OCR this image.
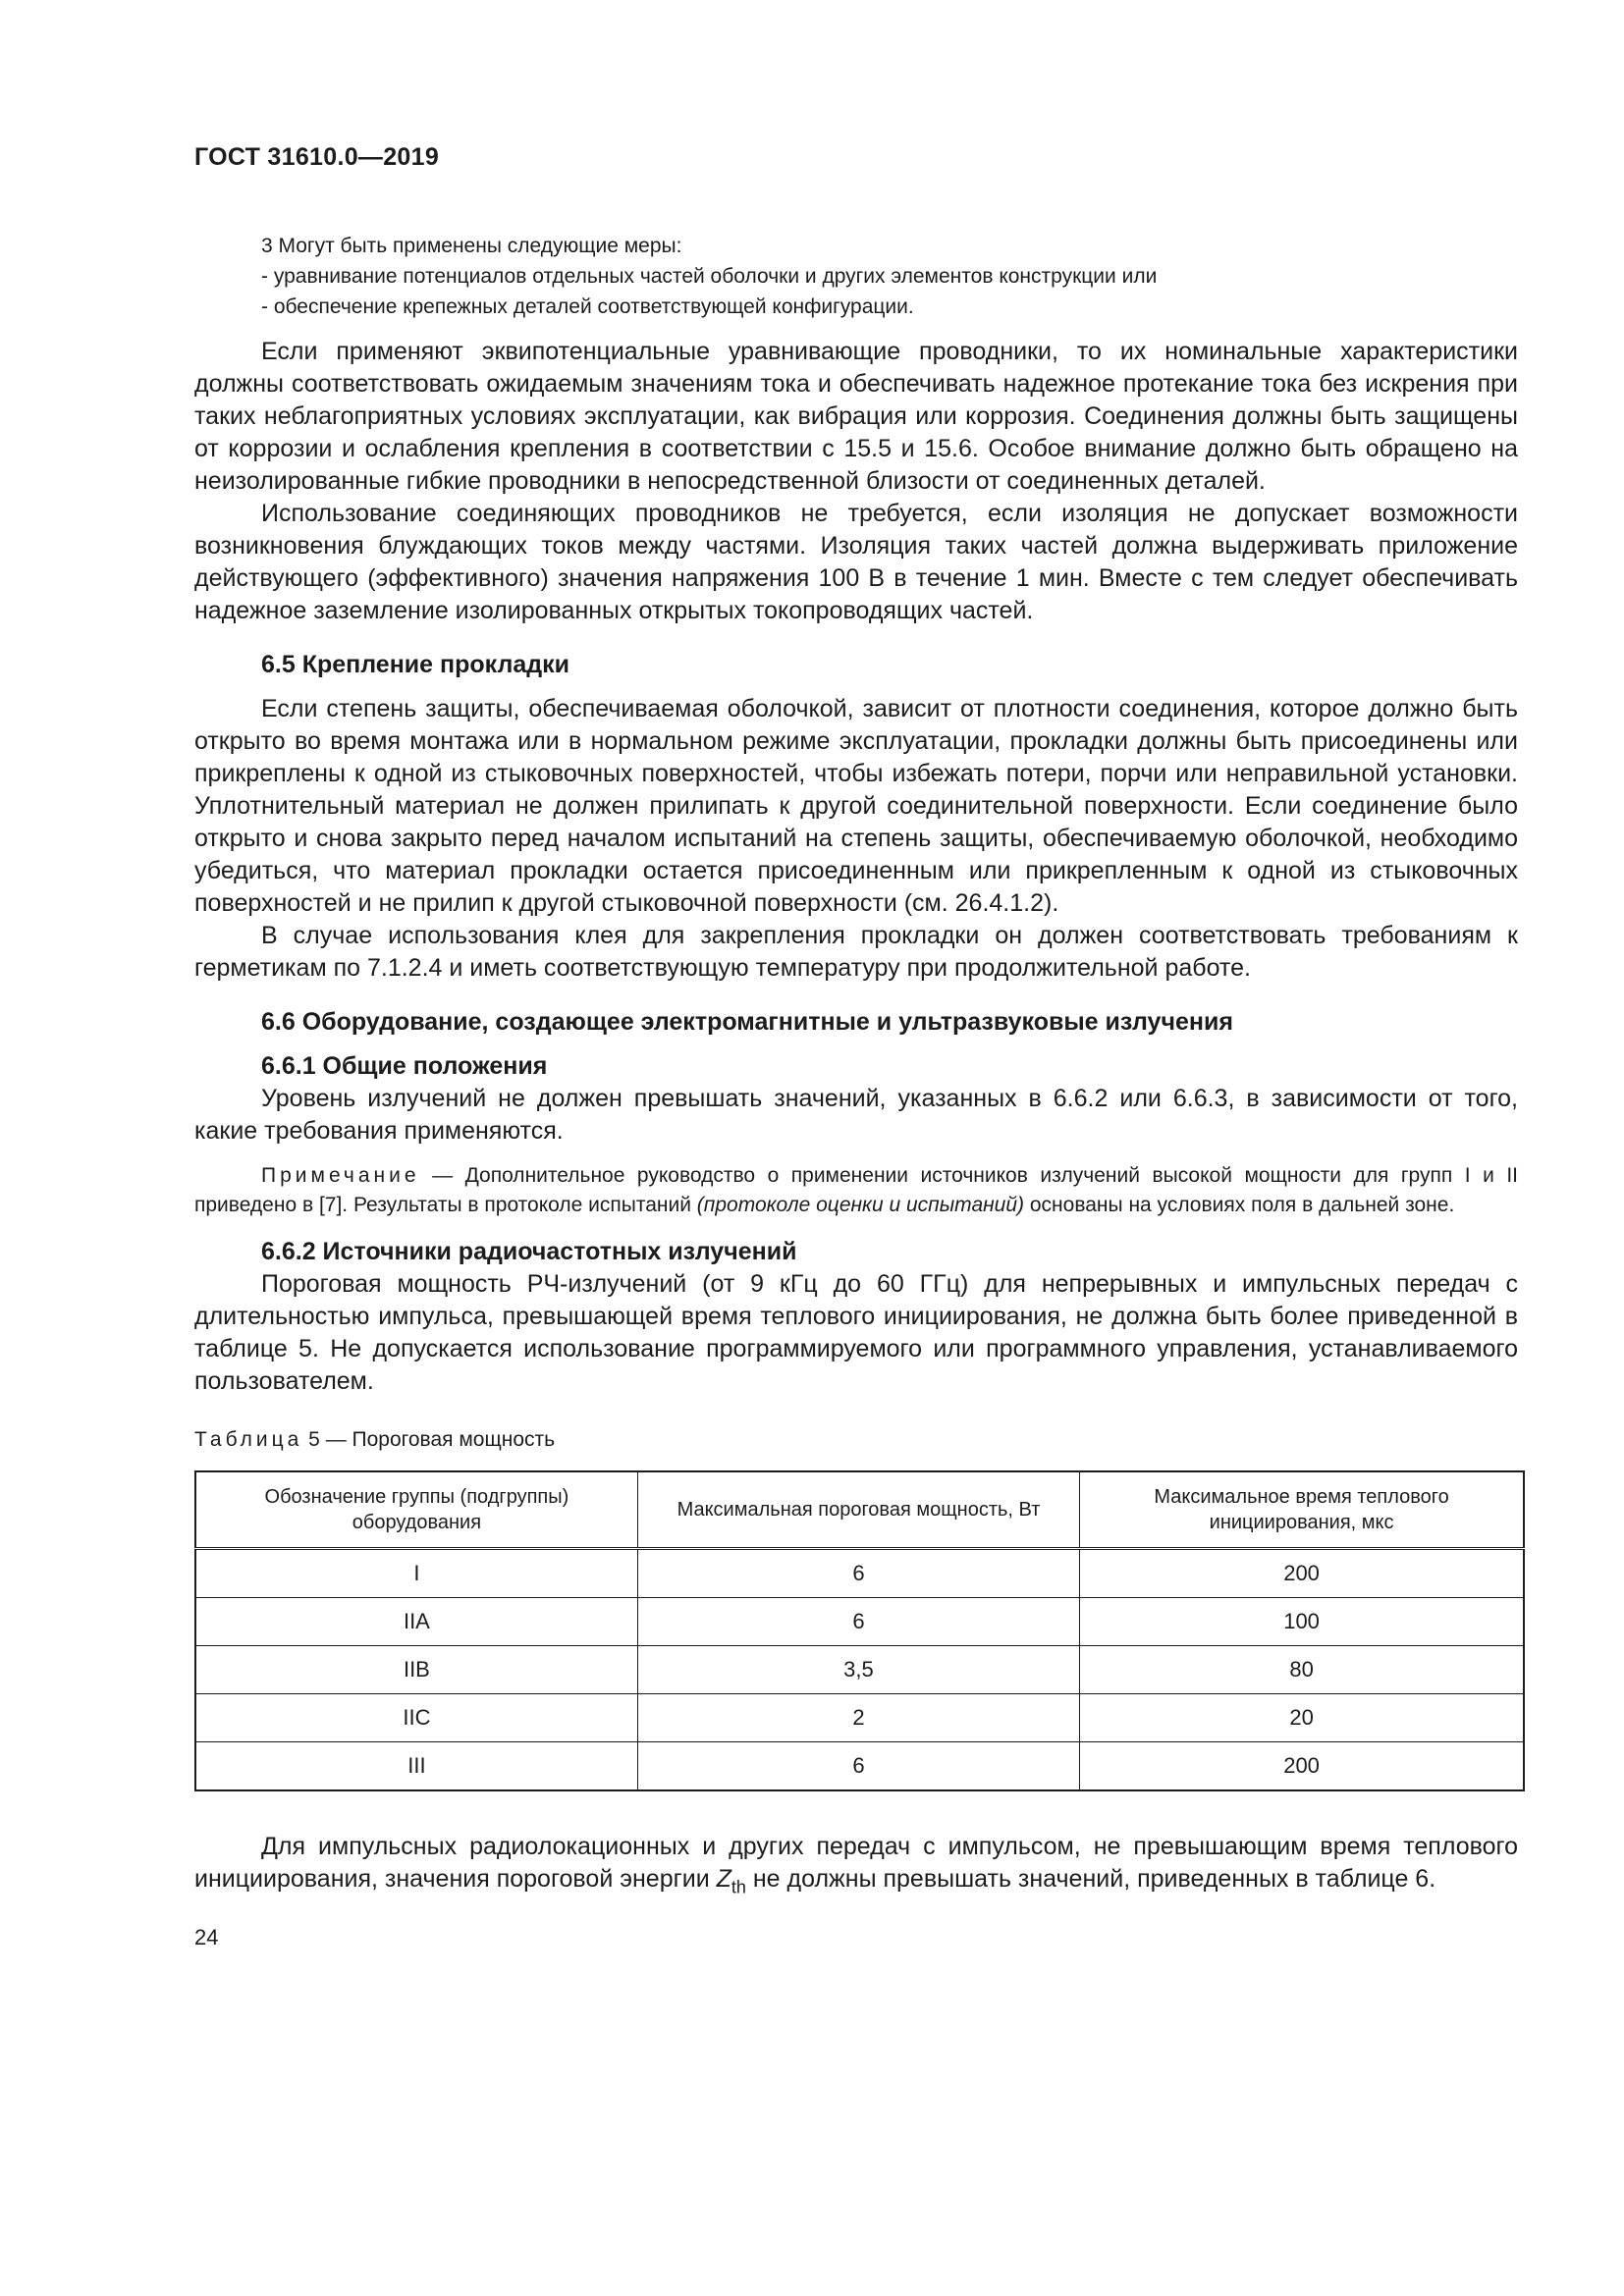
ГОСТ 31610.0—2019
3 Могут быть применены следующие меры:
- уравнивание потенциалов отдельных частей оболочки и других элементов конструкции или
- обеспечение крепежных деталей соответствующей конфигурации.

Если применяют эквипотенциальные уравнивающие проводники, то их номинальные характеристики должны соответствовать ожидаемым значениям тока и обеспечивать надежное протекание тока без искрения при таких неблагоприятных условиях эксплуатации, как вибрация или коррозия. Соединения должны быть защищены от коррозии и ослабления крепления в соответствии с 15.5 и 15.6. Особое внимание должно быть обращено на неизолированные гибкие проводники в непосредственной близости от соединенных деталей.

Использование соединяющих проводников не требуется, если изоляция не допускает возможности возникновения блуждающих токов между частями. Изоляция таких частей должна выдерживать приложение действующего (эффективного) значения напряжения 100 В в течение 1 мин. Вместе с тем следует обеспечивать надежное заземление изолированных открытых токопроводящих частей.

6.5 Крепление прокладки

Если степень защиты, обеспечиваемая оболочкой, зависит от плотности соединения, которое должно быть открыто во время монтажа или в нормальном режиме эксплуатации, прокладки должны быть присоединены или прикреплены к одной из стыковочных поверхностей, чтобы избежать потери, порчи или неправильной установки. Уплотнительный материал не должен прилипать к другой соединительной поверхности. Если соединение было открыто и снова закрыто перед началом испытаний на степень защиты, обеспечиваемую оболочкой, необходимо убедиться, что материал прокладки остается присоединенным или прикрепленным к одной из стыковочных поверхностей и не прилип к другой стыковочной поверхности (см. 26.4.1.2).

В случае использования клея для закрепления прокладки он должен соответствовать требованиям к герметикам по 7.1.2.4 и иметь соответствующую температуру при продолжительной работе.

6.6 Оборудование, создающее электромагнитные и ультразвуковые излучения
6.6.1 Общие положения

Уровень излучений не должен превышать значений, указанных в 6.6.2 или 6.6.3, в зависимости от того, какие требования применяются.

Примечание — Дополнительное руководство о применении источников излучений высокой мощности для групп I и II приведено в [7]. Результаты в протоколе испытаний (протоколе оценки и испытаний) основаны на условиях поля в дальней зоне.

6.6.2 Источники радиочастотных излучений

Пороговая мощность РЧ-излучений (от 9 кГц до 60 ГГц) для непрерывных и импульсных передач с длительностью импульса, превышающей время теплового инициирования, не должна быть более приведенной в таблице 5. Не допускается использование программируемого или программного управления, устанавливаемого пользователем.

Таблица 5 — Пороговая мощность
Обозначение группы (подгруппы) оборудования	Максимальная пороговая мощность, Вт	Максимальное время теплового инициирования, мкс
I	6	200
IIA	6	100
IIB	3,5	80
IIC	2	20
III	6	200

Для импульсных радиолокационных и других передач с импульсом, не превышающим время теплового инициирования, значения пороговой энергии $Z_{th}$ не должны превышать значений, приведенных в таблице 6.

24
